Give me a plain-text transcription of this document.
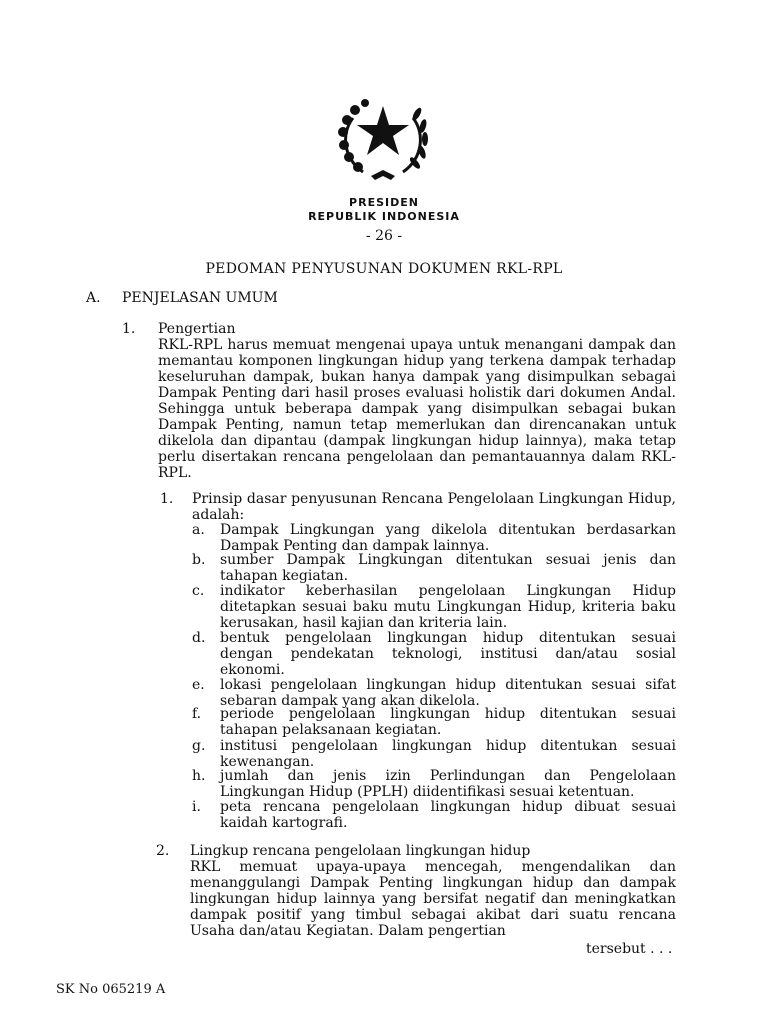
PRESIDEN
REPUBLIK INDONESIA
- 26 -
PEDOMAN PENYUSUNAN DOKUMEN RKL-RPL
A. PENJELASAN UMUM
1. Pengertian
RKL-RPL harus memuat mengenai upaya untuk menangani dampak dan memantau komponen lingkungan hidup yang terkena dampak terhadap keseluruhan dampak, bukan hanya dampak yang disimpulkan sebagai Dampak Penting dari hasil proses evaluasi holistik dari dokumen Andal. Sehingga untuk beberapa dampak yang disimpulkan sebagai bukan Dampak Penting, namun tetap memerlukan dan direncanakan untuk dikelola dan dipantau (dampak lingkungan hidup lainnya), maka tetap perlu disertakan rencana pengelolaan dan pemantauannya dalam RKL-RPL.
1. Prinsip dasar penyusunan Rencana Pengelolaan Lingkungan Hidup, adalah:
a. Dampak Lingkungan yang dikelola ditentukan berdasarkan Dampak Penting dan dampak lainnya.
b. sumber Dampak Lingkungan ditentukan sesuai jenis dan tahapan kegiatan.
c. indikator keberhasilan pengelolaan Lingkungan Hidup ditetapkan sesuai baku mutu Lingkungan Hidup, kriteria baku kerusakan, hasil kajian dan kriteria lain.
d. bentuk pengelolaan lingkungan hidup ditentukan sesuai dengan pendekatan teknologi, institusi dan/atau sosial ekonomi.
e. lokasi pengelolaan lingkungan hidup ditentukan sesuai sifat sebaran dampak yang akan dikelola.
f. periode pengelolaan lingkungan hidup ditentukan sesuai tahapan pelaksanaan kegiatan.
g. institusi pengelolaan lingkungan hidup ditentukan sesuai kewenangan.
h. jumlah dan jenis izin Perlindungan dan Pengelolaan Lingkungan Hidup (PPLH) diidentifikasi sesuai ketentuan.
i. peta rencana pengelolaan lingkungan hidup dibuat sesuai kaidah kartografi.
2. Lingkup rencana pengelolaan lingkungan hidup
RKL memuat upaya-upaya mencegah, mengendalikan dan menanggulangi Dampak Penting lingkungan hidup dan dampak lingkungan hidup lainnya yang bersifat negatif dan meningkatkan dampak positif yang timbul sebagai akibat dari suatu rencana Usaha dan/atau Kegiatan. Dalam pengertian
tersebut . . .
SK No 065219 A
